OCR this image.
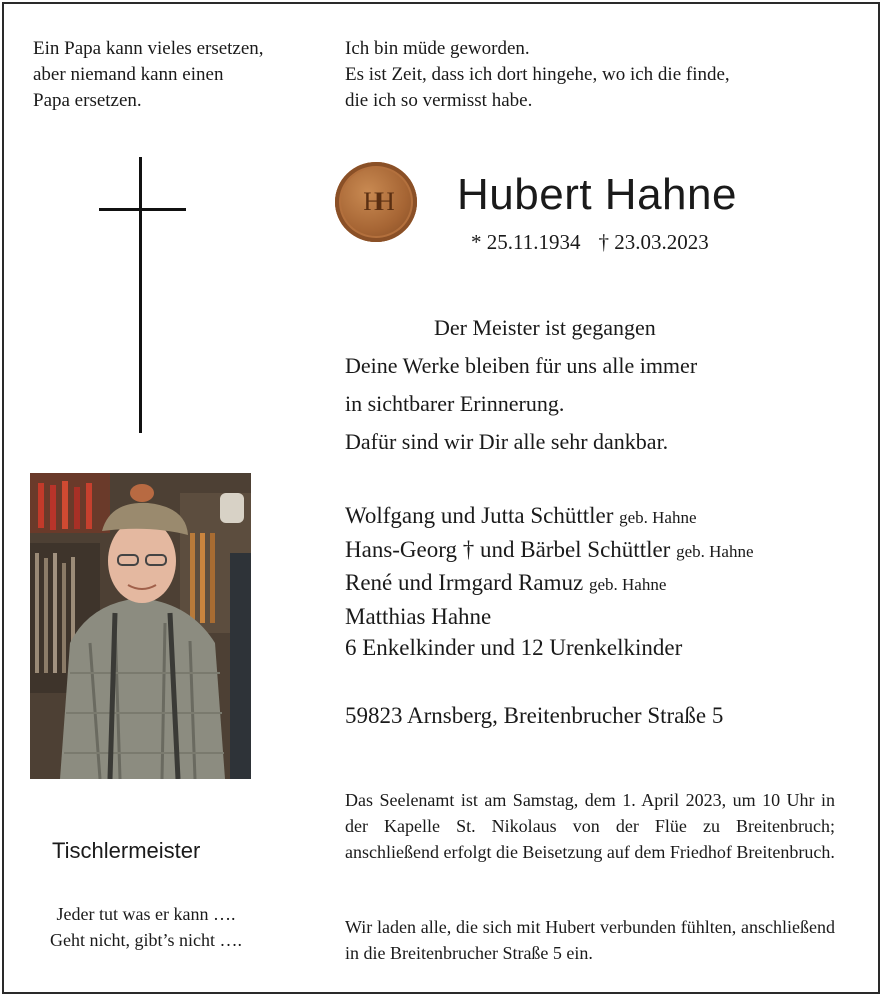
Ein Papa kann vieles ersetzen,
aber niemand kann einen
Papa ersetzen.
Ich bin müde geworden.
Es ist Zeit, dass ich dort hingehe, wo ich die finde,
die ich so vermisst habe.
HH	Hubert Hahne
* 25.11.1934 † 23.03.2023
Der Meister ist gegangen
Deine Werke bleiben für uns alle immer
in sichtbarer Erinnerung.
Dafür sind wir Dir alle sehr dankbar.
Wolfgang und Jutta Schüttler geb. Hahne
Hans-Georg † und Bärbel Schüttler geb. Hahne
René und Irmgard Ramuz geb. Hahne
Matthias Hahne
6 Enkelkinder und 12 Urenkelkinder
59823 Arnsberg, Breitenbrucher Straße 5
Das Seelenamt ist am Samstag, dem 1. April 2023, um 10 Uhr in der Kapelle St. Nikolaus von der Flüe zu Breitenbruch; anschließend erfolgt die Beisetzung auf dem Friedhof Breitenbruch.
Wir laden alle, die sich mit Hubert verbunden fühlten, anschließend in die Breitenbrucher Straße 5 ein.
Tischlermeister
Jeder tut was er kann ….
Geht nicht, gibt’s nicht ….
